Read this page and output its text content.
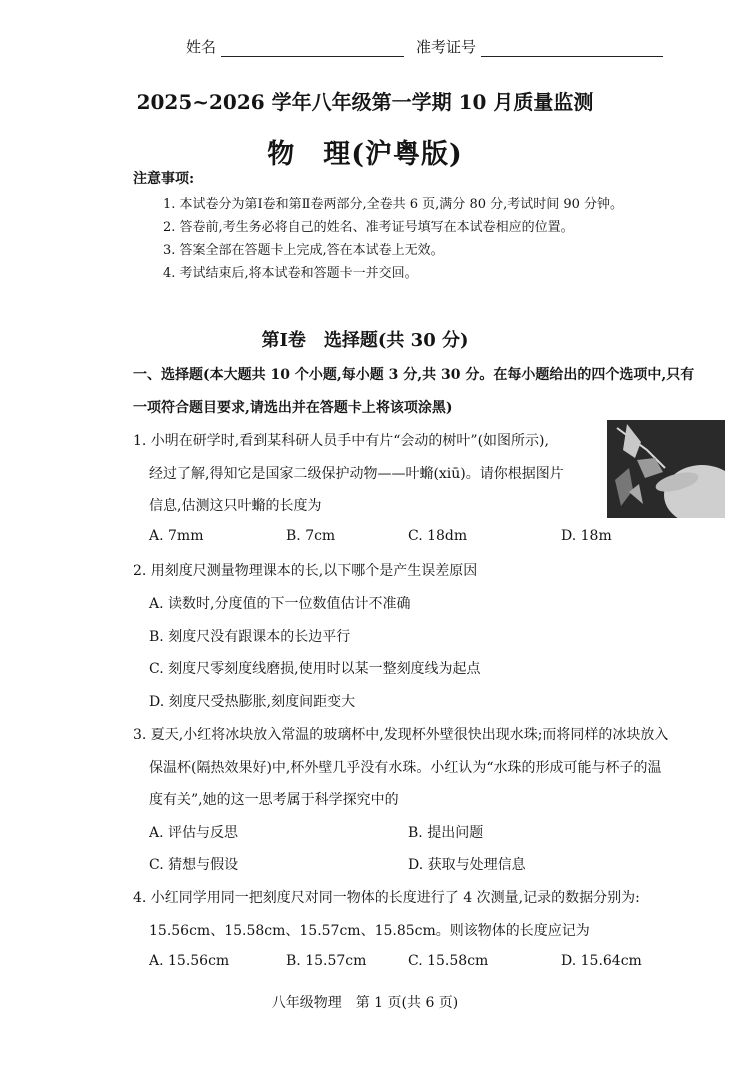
姓名	准考证号
2025~2026 学年八年级第一学期 10 月质量监测
物　理(沪粤版)
注意事项:
1. 本试卷分为第Ⅰ卷和第Ⅱ卷两部分,全卷共 6 页,满分 80 分,考试时间 90 分钟。
2. 答卷前,考生务必将自己的姓名、准考证号填写在本试卷相应的位置。
3. 答案全部在答题卡上完成,答在本试卷上无效。
4. 考试结束后,将本试卷和答题卡一并交回。
第Ⅰ卷　选择题(共 30 分)
一、选择题(本大题共 10 个小题,每小题 3 分,共 30 分。在每小题给出的四个选项中,只有
一项符合题目要求,请选出并在答题卡上将该项涂黑)
1. 小明在研学时,看到某科研人员手中有片“会动的树叶”(如图所示),
经过了解,得知它是国家二级保护动物——叶䗛(xiū)。请你根据图片
信息,估测这只叶䗛的长度为
A. 7mm	B. 7cm	C. 18dm	D. 18m
2. 用刻度尺测量物理课本的长,以下哪个是产生误差原因
A. 读数时,分度值的下一位数值估计不准确
B. 刻度尺没有跟课本的长边平行
C. 刻度尺零刻度线磨损,使用时以某一整刻度线为起点
D. 刻度尺受热膨胀,刻度间距变大
3. 夏天,小红将冰块放入常温的玻璃杯中,发现杯外壁很快出现水珠;而将同样的冰块放入
保温杯(隔热效果好)中,杯外壁几乎没有水珠。小红认为“水珠的形成可能与杯子的温
度有关”,她的这一思考属于科学探究中的
A. 评估与反思	B. 提出问题
C. 猜想与假设	D. 获取与处理信息
4. 小红同学用同一把刻度尺对同一物体的长度进行了 4 次测量,记录的数据分别为:
15.56cm、15.58cm、15.57cm、15.85cm。则该物体的长度应记为
A. 15.56cm	B. 15.57cm	C. 15.58cm	D. 15.64cm
八年级物理　第 1 页(共 6 页)
